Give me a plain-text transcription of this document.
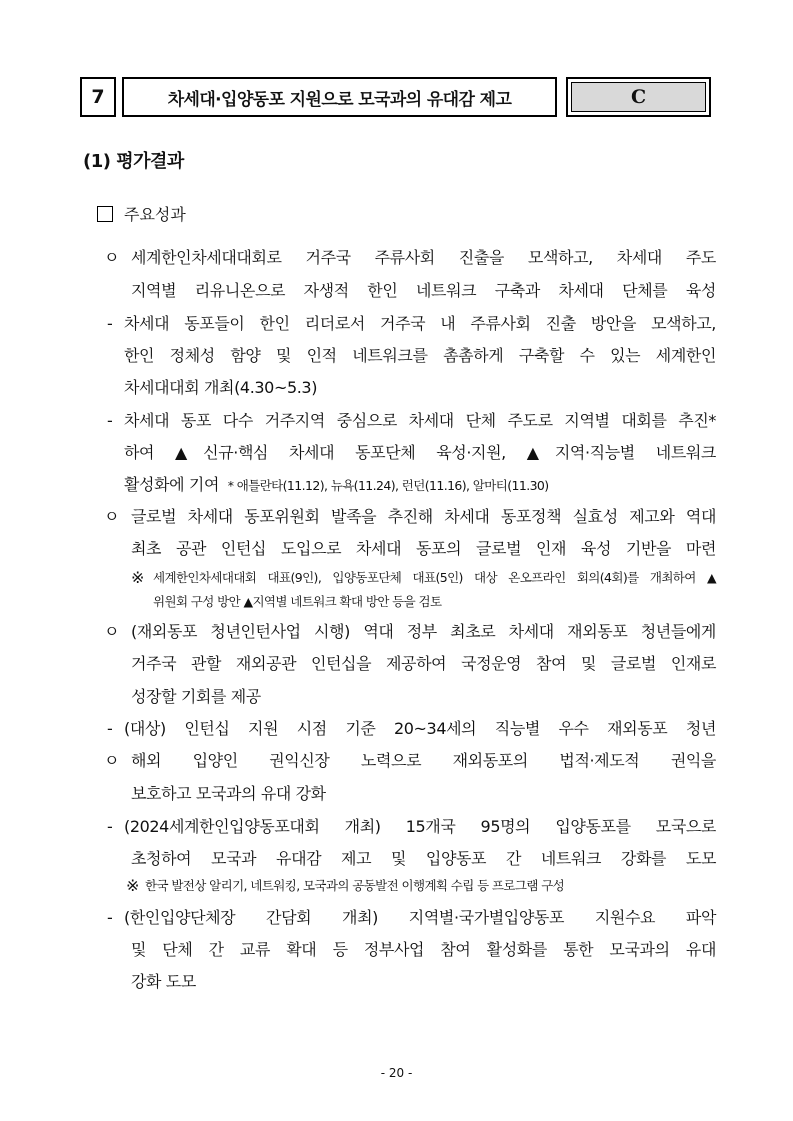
7	차세대·입양동포 지원으로 모국과의 유대감 제고	C
(1) 평가결과
주요성과
ㅇ
-
-
ㅇ
※
ㅇ
-
ㅇ
-
※
-
세계한인차세대대회로 거주국 주류사회 진출을 모색하고, 차세대 주도
지역별 리유니온으로 자생적 한인 네트워크 구축과 차세대 단체를 육성
차세대 동포들이 한인 리더로서 거주국 내 주류사회 진출 방안을 모색하고,
한인 정체성 함양 및 인적 네트워크를 촘촘하게 구축할 수 있는 세계한인
차세대대회 개최(4.30~5.3)
차세대 동포 다수 거주지역 중심으로 차세대 단체 주도로 지역별 대회를 추진*
하여 ▲신규·핵심 차세대 동포단체 육성·지원, ▲지역·직능별 네트워크
활성화에 기여 * 애틀란타(11.12), 뉴욕(11.24), 런던(11.16), 알마티(11.30)
글로벌 차세대 동포위원회 발족을 추진해 차세대 동포정책 실효성 제고와 역대
최초 공관 인턴십 도입으로 차세대 동포의 글로벌 인재 육성 기반을 마련
세계한인차세대대회 대표(9인), 입양동포단체 대표(5인) 대상 온오프라인 회의(4회)를 개최하여 ▲
위원회 구성 방안 ▲지역별 네트워크 확대 방안 등을 검토
(재외동포 청년인턴사업 시행) 역대 정부 최초로 차세대 재외동포 청년들에게
거주국 관할 재외공관 인턴십을 제공하여 국정운영 참여 및 글로벌 인재로
성장할 기회를 제공
(대상) 인턴십 지원 시점 기준 20~34세의 직능별 우수 재외동포 청년
해외 입양인 권익신장 노력으로 재외동포의 법적·제도적 권익을
보호하고 모국과의 유대 강화
(2024세계한인입양동포대회 개최) 15개국 95명의 입양동포를 모국으로
초청하여 모국과 유대감 제고 및 입양동포 간 네트워크 강화를 도모
한국 발전상 알리기, 네트워킹, 모국과의 공동발전 이행계획 수립 등 프로그램 구성
(한인입양단체장 간담회 개최) 지역별·국가별입양동포 지원수요 파악
및 단체 간 교류 확대 등 정부사업 참여 활성화를 통한 모국과의 유대
강화 도모
- 20 -
